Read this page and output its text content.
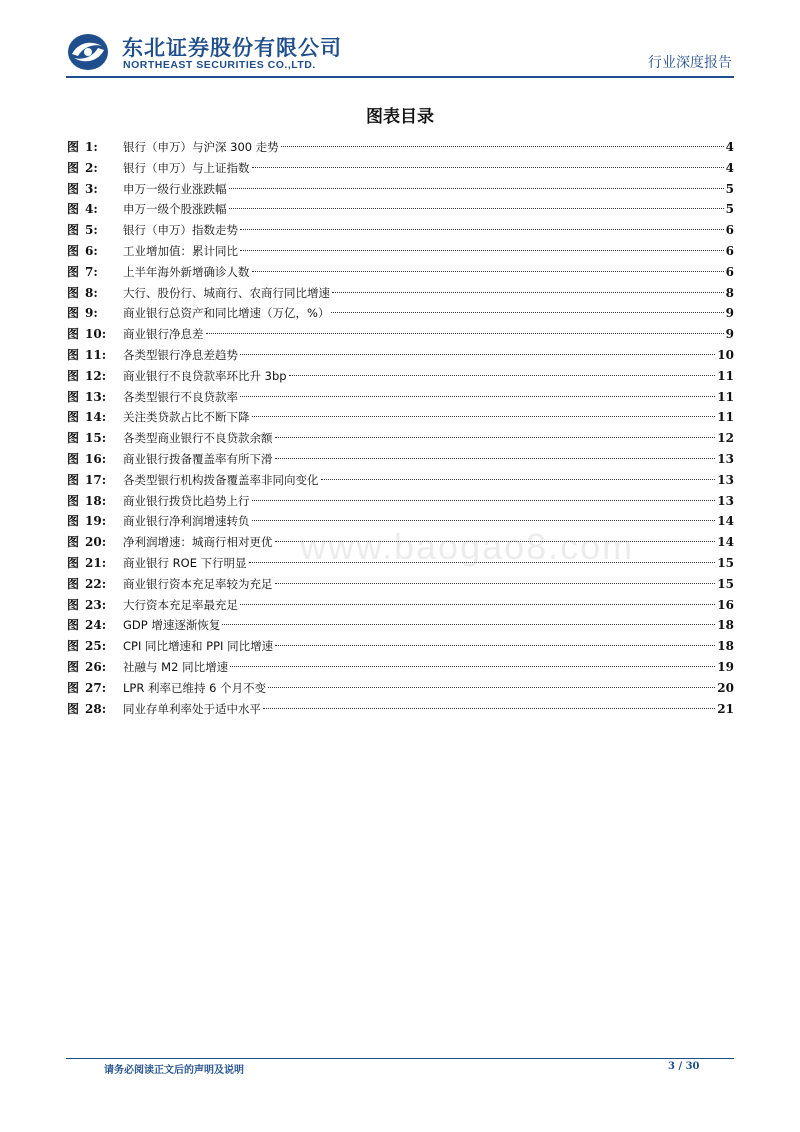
东北证券股份有限公司
NORTHEAST SECURITIES CO.,LTD.	行业深度报告
图表目录
图 1:	银行（申万）与沪深 300 走势	4
图 2:	银行（申万）与上证指数	4
图 3:	申万一级行业涨跌幅	5
图 4:	申万一级个股涨跌幅	5
图 5:	银行（申万）指数走势	6
图 6:	工业增加值：累计同比	6
图 7:	上半年海外新增确诊人数	6
图 8:	大行、股份行、城商行、农商行同比增速	8
图 9:	商业银行总资产和同比增速（万亿，%）	9
图 10:	商业银行净息差	9
图 11:	各类型银行净息差趋势	10
图 12:	商业银行不良贷款率环比升 3bp	11
图 13:	各类型银行不良贷款率	11
图 14:	关注类贷款占比不断下降	11
图 15:	各类型商业银行不良贷款余额	12
图 16:	商业银行拨备覆盖率有所下滑	13
图 17:	各类型银行机构拨备覆盖率非同向变化	13
图 18:	商业银行拨贷比趋势上行	13
图 19:	商业银行净利润增速转负	14
图 20:	净利润增速：城商行相对更优	14
图 21:	商业银行 ROE 下行明显	15
图 22:	商业银行资本充足率较为充足	15
图 23:	大行资本充足率最充足	16
图 24:	GDP 增速逐渐恢复	18
图 25:	CPI 同比增速和 PPI 同比增速	18
图 26:	社融与 M2 同比增速	19
图 27:	LPR 利率已维持 6 个月不变	20
图 28:	同业存单利率处于适中水平	21
www.baogao8.com
请务必阅读正文后的声明及说明	3 / 30
